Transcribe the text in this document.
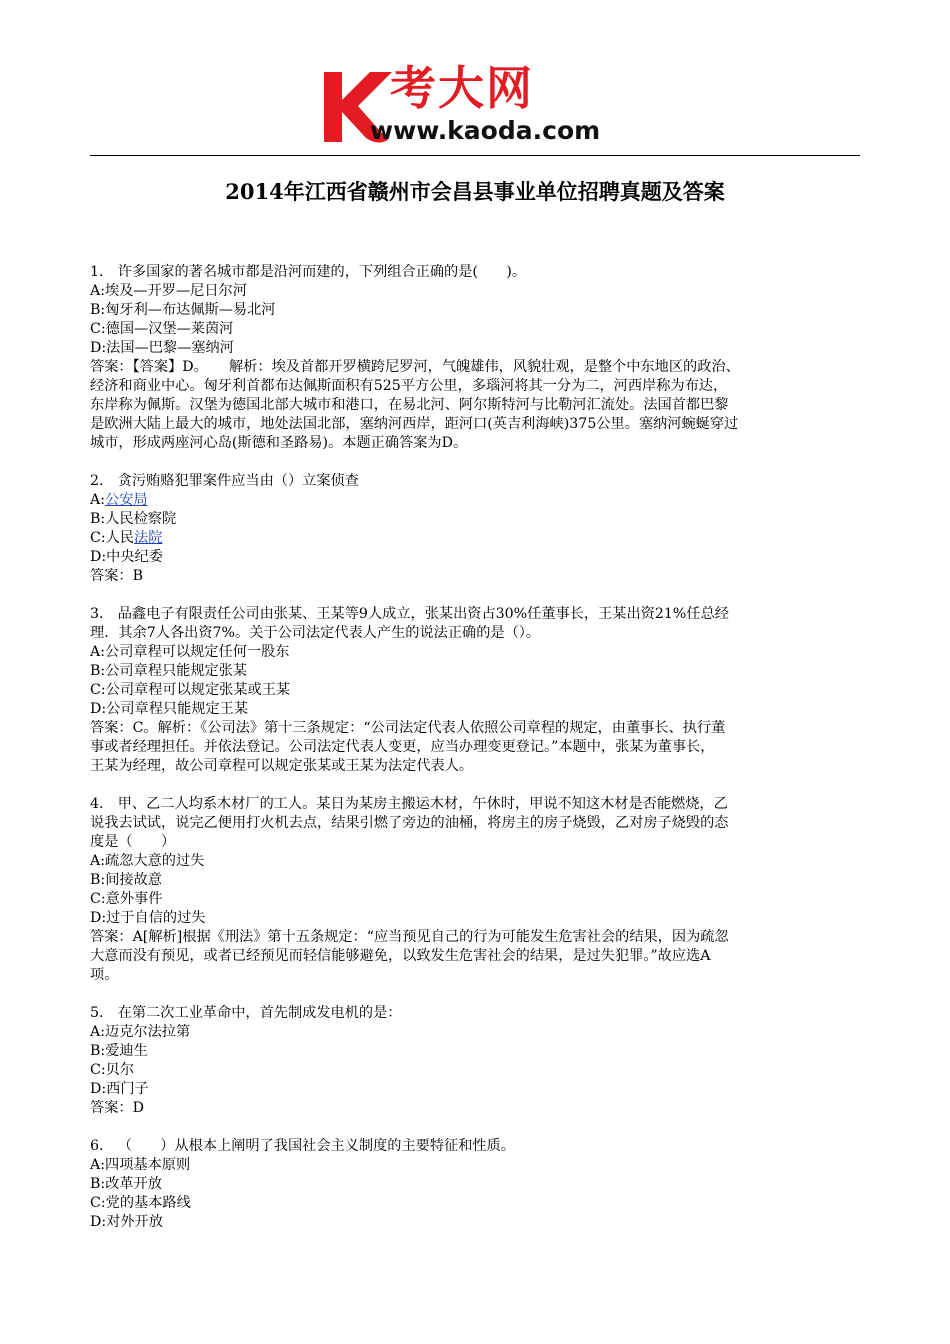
考大网
www.kaoda.com
2014年江西省赣州市会昌县事业单位招聘真题及答案
1． 许多国家的著名城市都是沿河而建的，下列组合正确的是(　　)。
A:埃及—开罗—尼日尔河
B:匈牙利—布达佩斯—易北河
C:德国—汉堡—莱茵河
D:法国—巴黎—塞纳河
答案：【答案】D。　　解析：埃及首都开罗横跨尼罗河，气魄雄伟，风貌壮观，是整个中东地区的政治、
经济和商业中心。匈牙利首都布达佩斯面积有525平方公里，多瑙河将其一分为二，河西岸称为布达，
东岸称为佩斯。汉堡为德国北部大城市和港口，在易北河、阿尔斯特河与比勒河汇流处。法国首都巴黎
是欧洲大陆上最大的城市，地处法国北部，塞纳河西岸，距河口(英吉利海峡)375公里。塞纳河蜿蜒穿过
城市，形成两座河心岛(斯德和圣路易)。本题正确答案为D。
2． 贪污贿赂犯罪案件应当由（）立案侦查
A:公安局
B:人民检察院
C:人民法院
D:中央纪委
答案：B
3． 品鑫电子有限责任公司由张某、王某等9人成立，张某出资占30%任董事长，王某出资21%任总经
理．其余7人各出资7%。关于公司法定代表人产生的说法正确的是（）。
A:公司章程可以规定任何一股东
B:公司章程只能规定张某
C:公司章程可以规定张某或王某
D:公司章程只能规定王某
答案：C。解析：《公司法》第十三条规定：“公司法定代表人依照公司章程的规定，由董事长、执行董
事或者经理担任。并依法登记。公司法定代表人变更，应当办理变更登记。”本题中，张某为董事长，
王某为经理，故公司章程可以规定张某或王某为法定代表人。
4． 甲、乙二人均系木材厂的工人。某日为某房主搬运木材，午休时，甲说不知这木材是否能燃烧，乙
说我去试试，说完乙便用打火机去点，结果引燃了旁边的油桶，将房主的房子烧毁，乙对房子烧毁的态
度是（　　）
A:疏忽大意的过失
B:间接故意
C:意外事件
D:过于自信的过失
答案：A[解析]根据《刑法》第十五条规定：“应当预见自己的行为可能发生危害社会的结果，因为疏忽
大意而没有预见，或者已经预见而轻信能够避免，以致发生危害社会的结果，是过失犯罪。”故应选A
项。
5． 在第二次工业革命中，首先制成发电机的是：
A:迈克尔法拉第
B:爱迪生
C:贝尔
D:西门子
答案：D
6． （　　）从根本上阐明了我国社会主义制度的主要特征和性质。
A:四项基本原则
B:改革开放
C:党的基本路线
D:对外开放
